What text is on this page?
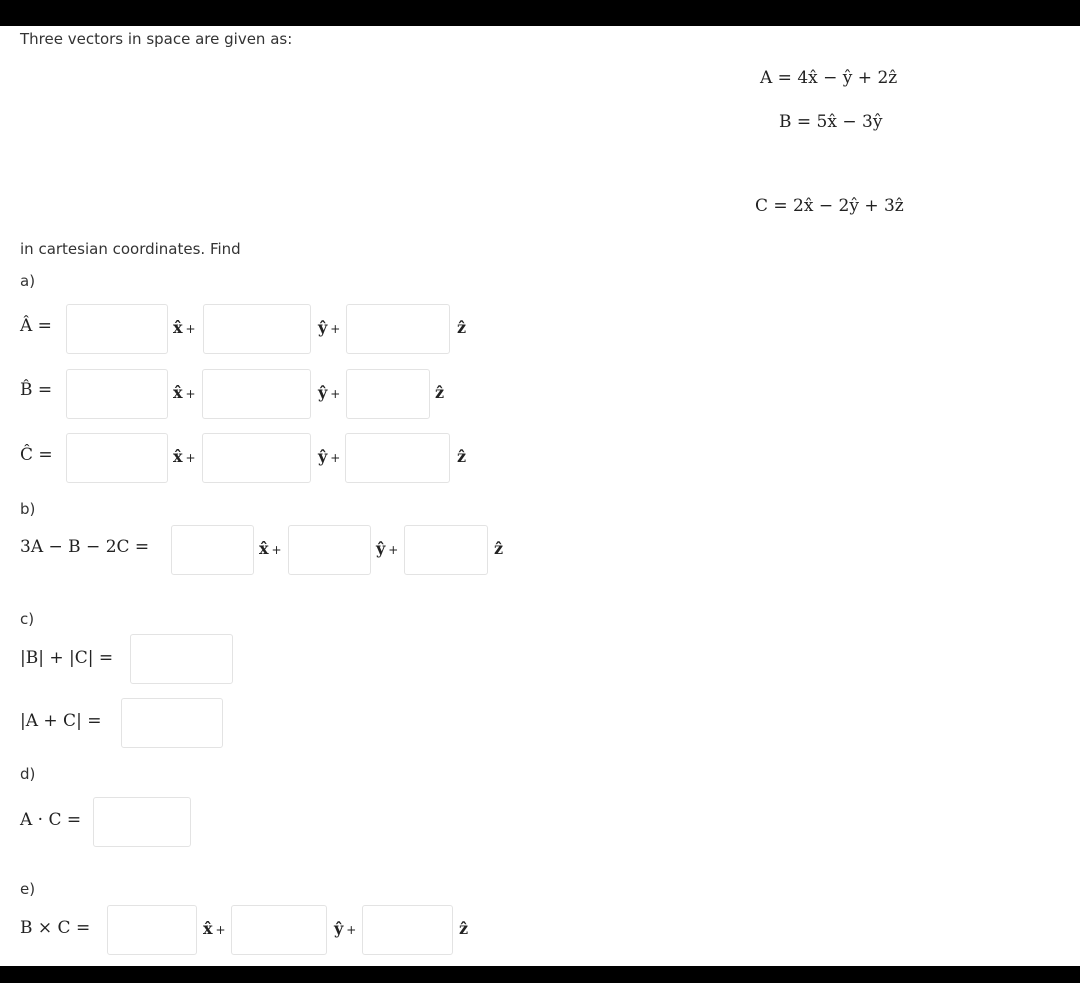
Three vectors in space are given as:
A = 4x̂ − ŷ + 2ẑ
B = 5x̂ − 3ŷ
C = 2x̂ − 2ŷ + 3ẑ
in cartesian coordinates. Find
a)
Â =	x̂ +	ŷ +	ẑ
B̂ =	x̂ +	ŷ +	ẑ
Ĉ =	x̂ +	ŷ +	ẑ
b)
3A − B − 2C =	x̂ +	ŷ +	ẑ
c)
|B| + |C| =
|A + C| =
d)
A · C =
e)
B × C =	x̂ +	ŷ +	ẑ
